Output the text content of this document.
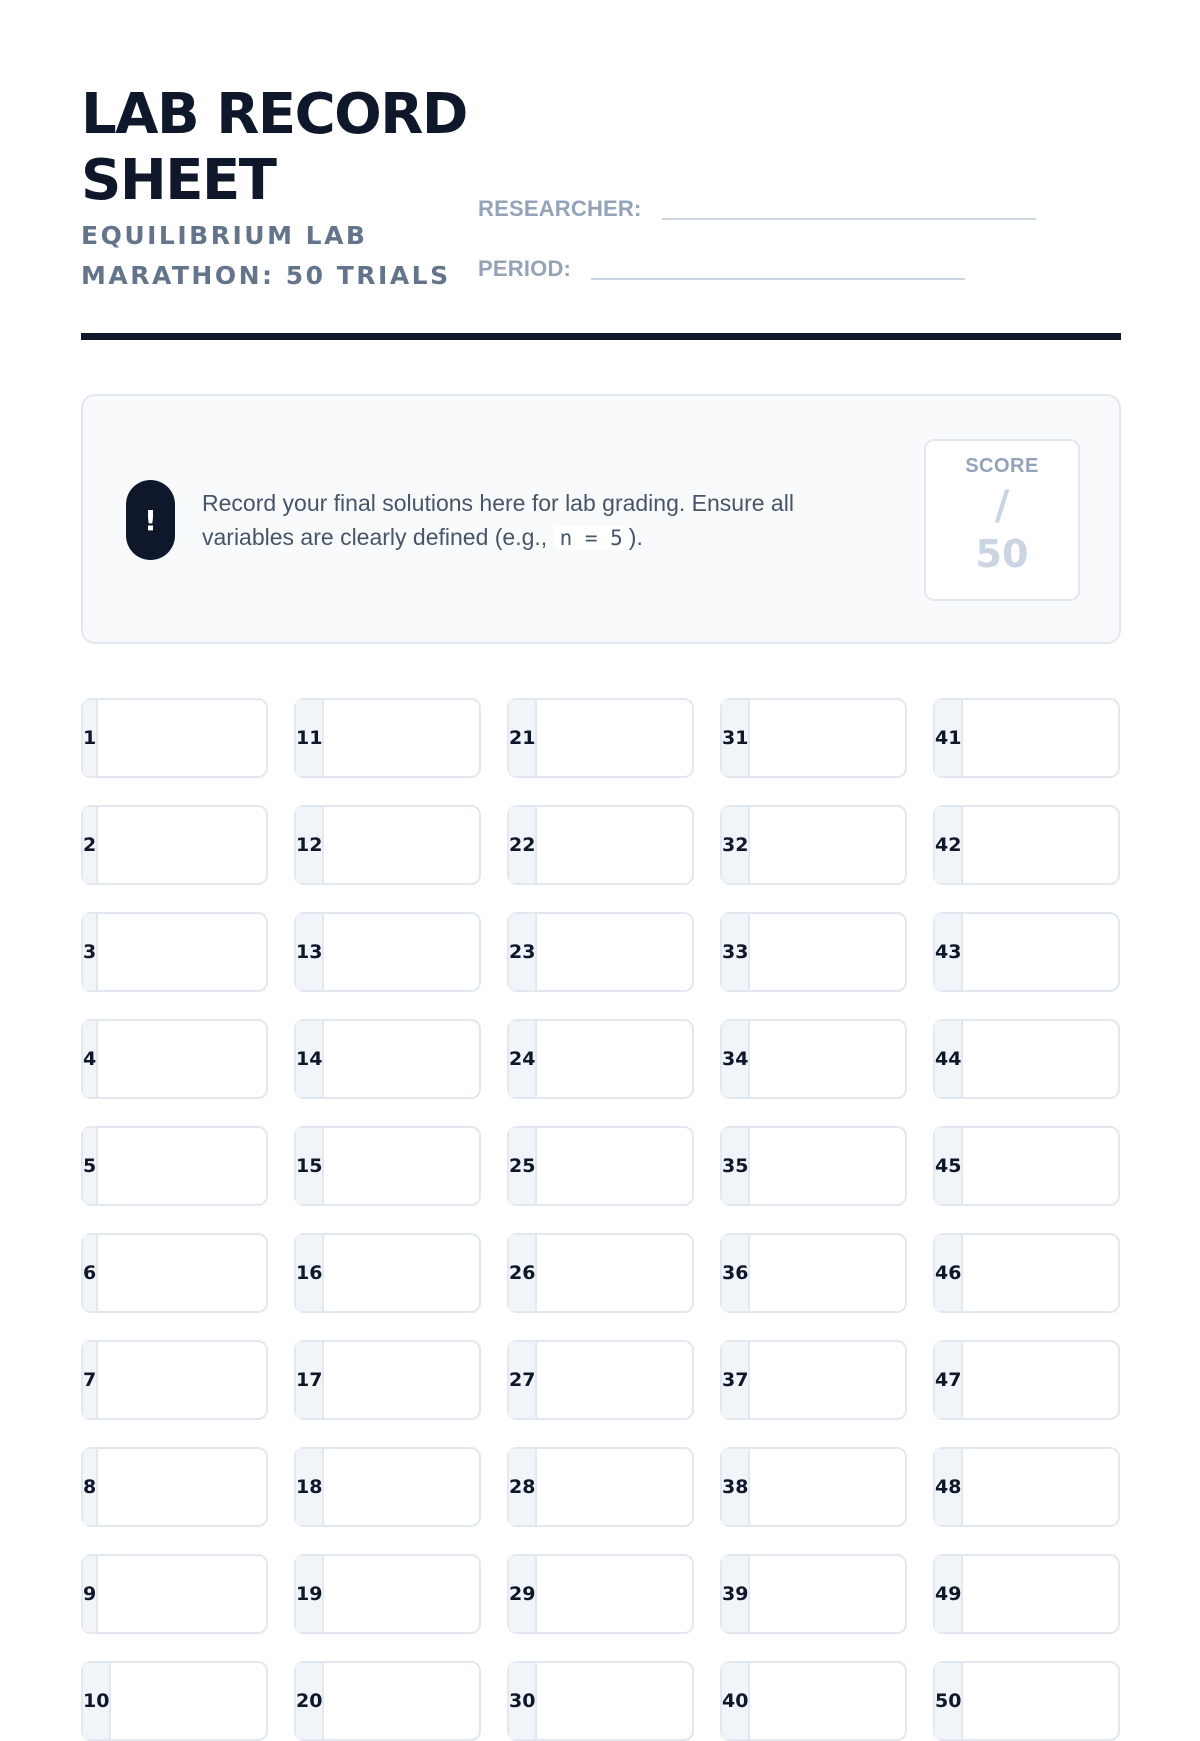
LAB RECORD SHEET
EQUILIBRIUM LAB MARATHON: 50 TRIALS
RESEARCHER:
PERIOD:
!

Record your final solutions here for lab grading. Ensure all variables are clearly defined (e.g., n = 5 ).

SCORE
/
50
1
2
3
4
5
6
7
8
9
10
11
12
13
14
15
16
17
18
19
20
21
22
23
24
25
26
27
28
29
30
31
32
33
34
35
36
37
38
39
40
41
42
43
44
45
46
47
48
49
50
